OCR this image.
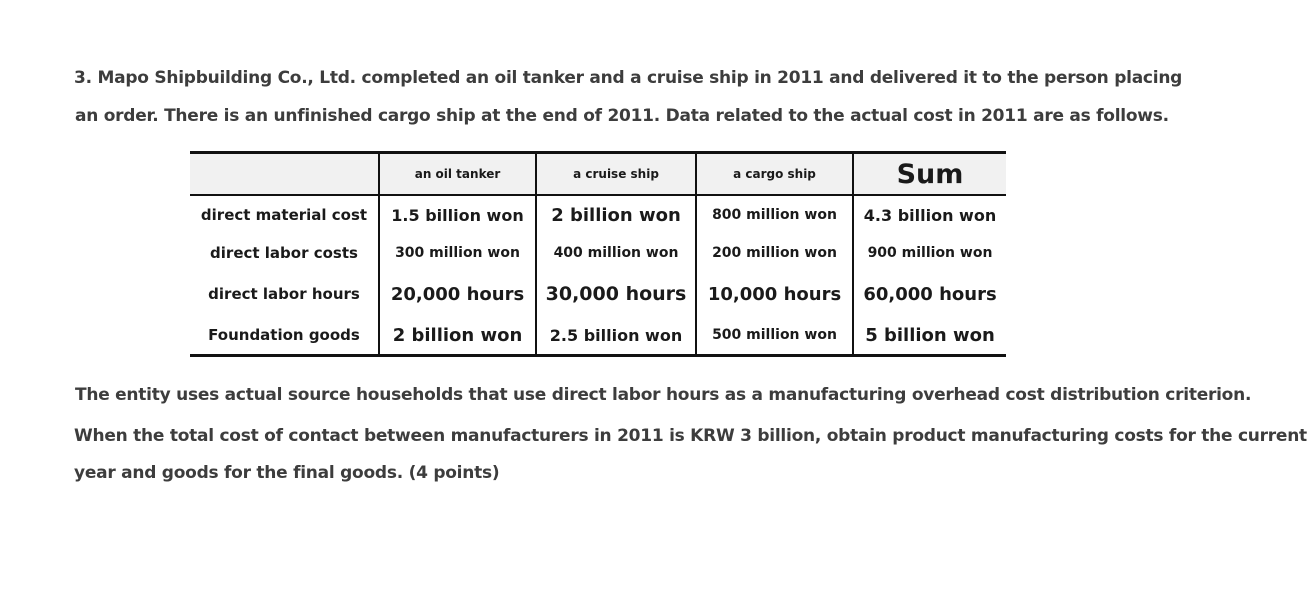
3. Mapo Shipbuilding Co., Ltd. completed an oil tanker and a cruise ship in 2011 and delivered it to the person placing
an order. There is an unfinished cargo ship at the end of 2011. Data related to the actual cost in 2011 are as follows.
	an oil tanker	a cruise ship	a cargo ship	Sum
direct material cost	1.5 billion won	2 billion won	800 million won	4.3 billion won
direct labor costs	300 million won	400 million won	200 million won	900 million won
direct labor hours	20,000 hours	30,000 hours	10,000 hours	60,000 hours
Foundation goods	2 billion won	2.5 billion won	500 million won	5 billion won
The entity uses actual source households that use direct labor hours as a manufacturing overhead cost distribution criterion.
When the total cost of contact between manufacturers in 2011 is KRW 3 billion, obtain product manufacturing costs for the current
year and goods for the final goods. (4 points)
